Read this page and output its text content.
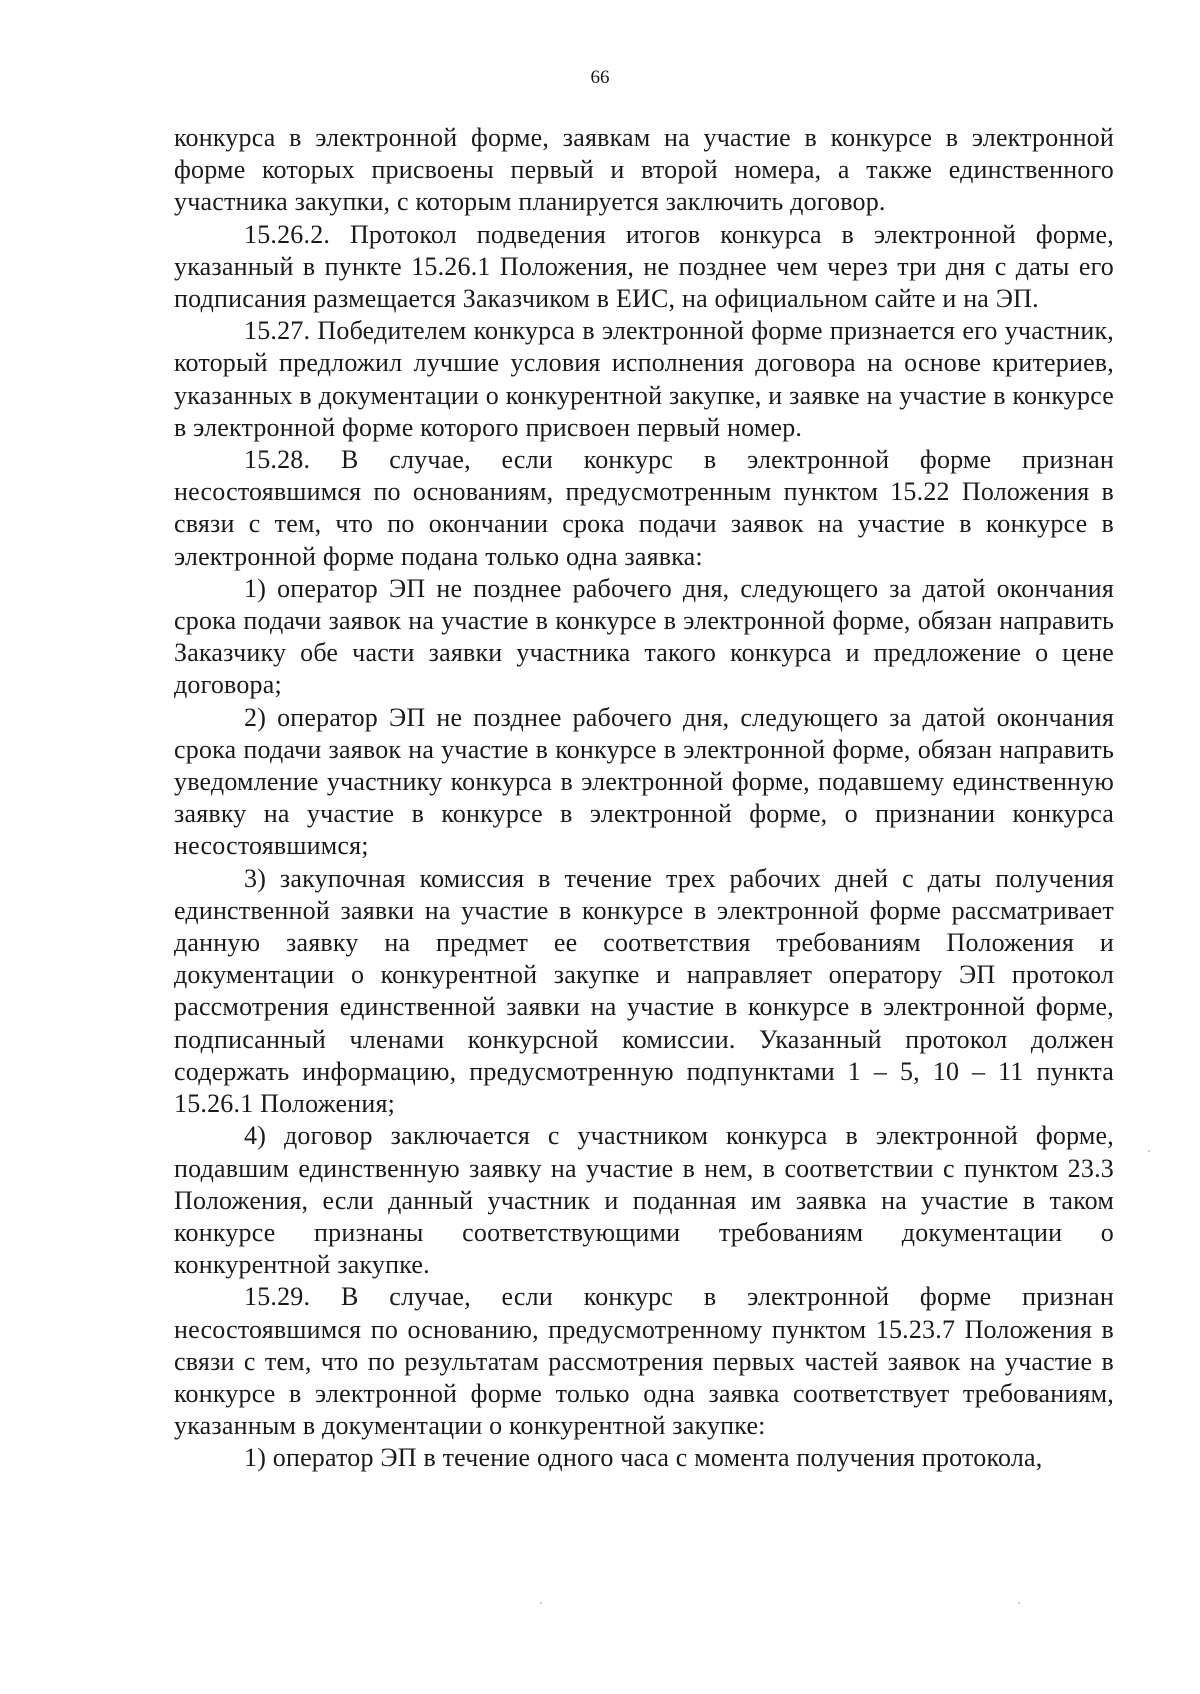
66

конкурса в электронной форме, заявкам на участие в конкурсе в электронной форме которых присвоены первый и второй номера, а также единственного участника закупки, с которым планируется заключить договор.

15.26.2. Протокол подведения итогов конкурса в электронной форме, указанный в пункте 15.26.1 Положения, не позднее чем через три дня с даты его подписания размещается Заказчиком в ЕИС, на официальном сайте и на ЭП.

15.27. Победителем конкурса в электронной форме признается его участник, который предложил лучшие условия исполнения договора на основе критериев, указанных в документации о конкурентной закупке, и заявке на участие в конкурсе в электронной форме которого присвоен первый номер.

15.28. В случае, если конкурс в электронной форме признан несостоявшимся по основаниям, предусмотренным пунктом 15.22 Положения в связи с тем, что по окончании срока подачи заявок на участие в конкурсе в электронной форме подана только одна заявка:

1) оператор ЭП не позднее рабочего дня, следующего за датой окончания срока подачи заявок на участие в конкурсе в электронной форме, обязан направить Заказчику обе части заявки участника такого конкурса и предложение о цене договора;

2) оператор ЭП не позднее рабочего дня, следующего за датой окончания срока подачи заявок на участие в конкурсе в электронной форме, обязан направить уведомление участнику конкурса в электронной форме, подавшему единственную заявку на участие в конкурсе в электронной форме, о признании конкурса несостоявшимся;

3) закупочная комиссия в течение трех рабочих дней с даты получения единственной заявки на участие в конкурсе в электронной форме рассматривает данную заявку на предмет ее соответствия требованиям Положения и документации о конкурентной закупке и направляет оператору ЭП протокол рассмотрения единственной заявки на участие в конкурсе в электронной форме, подписанный членами конкурсной комиссии. Указанный протокол должен содержать информацию, предусмотренную подпунктами 1 – 5, 10 – 11 пункта 15.26.1 Положения;

4) договор заключается с участником конкурса в электронной форме, подавшим единственную заявку на участие в нем, в соответствии с пунктом 23.3 Положения, если данный участник и поданная им заявка на участие в таком конкурсе признаны соответствующими требованиям документации о конкурентной закупке.

15.29. В случае, если конкурс в электронной форме признан несостоявшимся по основанию, предусмотренному пунктом 15.23.7 Положения в связи с тем, что по результатам рассмотрения первых частей заявок на участие в конкурсе в электронной форме только одна заявка соответствует требованиям, указанным в документации о конкурентной закупке:

1) оператор ЭП в течение одного часа с момента получения протокола,
